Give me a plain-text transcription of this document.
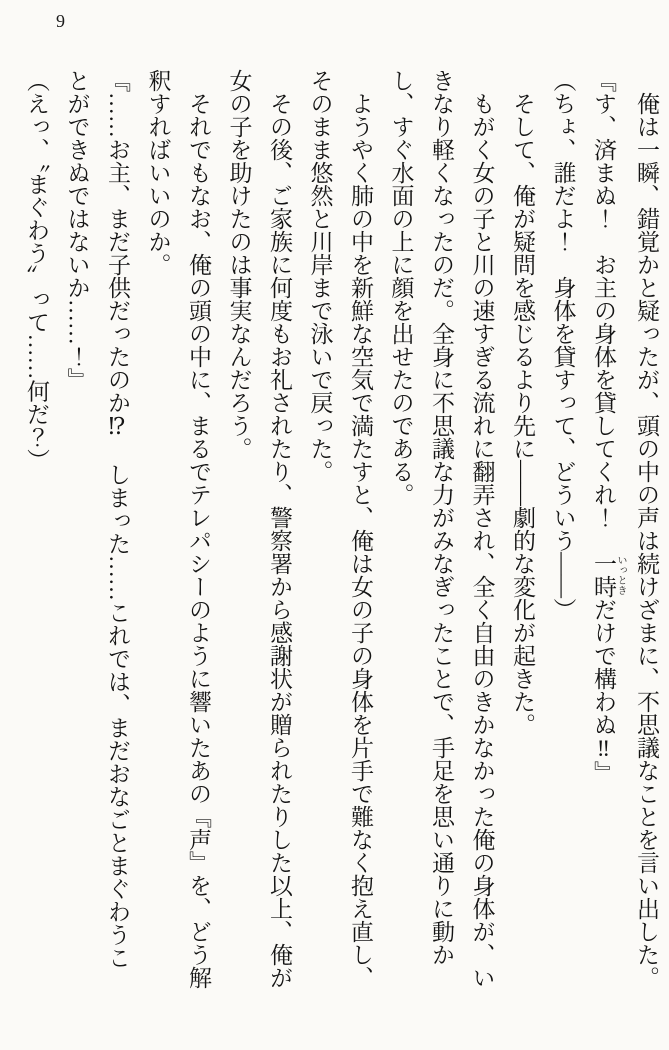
9

俺は一瞬、錯覚かと疑ったが、頭の中の声は続けざまに、不思議なことを言い出した。

『す、済まぬ！　お主の身体を貸してくれ！　一時 いっときだけで構わぬ‼』

（ちょ、誰だよ！　身体を貸すって、どういう――）

そして、俺が疑問を感じるより先に――劇的な変化が起きた。

もがく女の子と川の速すぎる流れに翻弄され、全く自由のきかなかった俺の身体が、いきなり軽くなったのだ。全身に不思議な力がみなぎったことで、手足を思い通りに動かし、すぐ水面の上に顔を出せたのである。

ようやく肺の中を新鮮な空気で満たすと、俺は女の子の身体を片手で難なく抱え直し、そのまま悠然と川岸まで泳いで戻った。

その後、ご家族に何度もお礼されたり、警察署から感謝状が贈られたりした以上、俺が女の子を助けたのは事実なんだろう。

それでもなお、俺の頭の中に、まるでテレパシーのように響いたあの『声』を、どう解釈すればいいのか。

『……お主、まだ子供だったのか⁉　しまった……これでは、まだおなごとまぐわうことができぬではないか……！』

（えっ、〝まぐわう〟って……何だ？）
